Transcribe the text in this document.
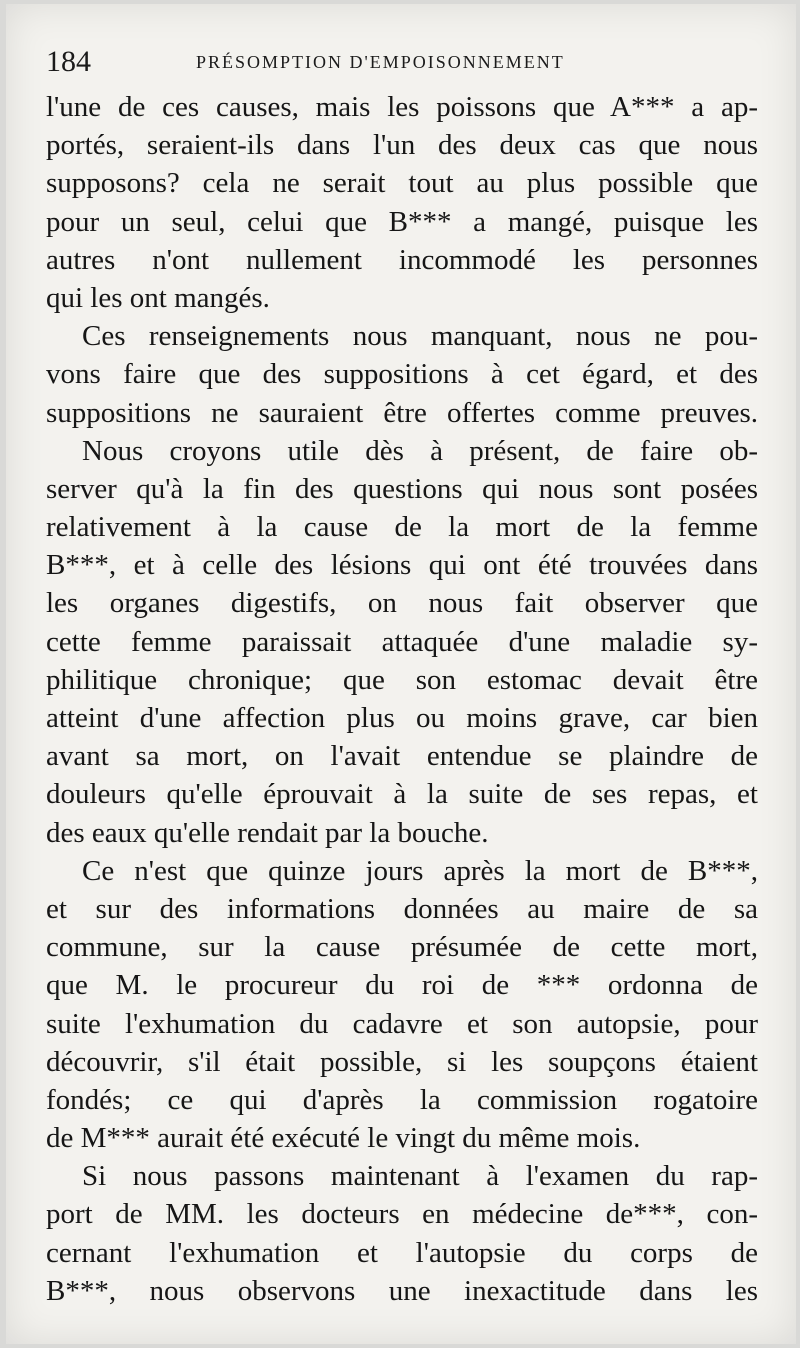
184	PRÉSOMPTION D'EMPOISONNEMENT
l'une de ces causes, mais les poissons que A*** a ap-
portés, seraient-ils dans l'un des deux cas que nous
supposons? cela ne serait tout au plus possible que
pour un seul, celui que B*** a mangé, puisque les
autres n'ont nullement incommodé les personnes
qui les ont mangés.
Ces renseignements nous manquant, nous ne pou-
vons faire que des suppositions à cet égard, et des
suppositions ne sauraient être offertes comme preuves.
Nous croyons utile dès à présent, de faire ob-
server qu'à la fin des questions qui nous sont posées
relativement à la cause de la mort de la femme
B***, et à celle des lésions qui ont été trouvées dans
les organes digestifs, on nous fait observer que
cette femme paraissait attaquée d'une maladie sy-
philitique chronique; que son estomac devait être
atteint d'une affection plus ou moins grave, car bien
avant sa mort, on l'avait entendue se plaindre de
douleurs qu'elle éprouvait à la suite de ses repas, et
des eaux qu'elle rendait par la bouche.
Ce n'est que quinze jours après la mort de B***,
et sur des informations données au maire de sa
commune, sur la cause présumée de cette mort,
que M. le procureur du roi de *** ordonna de
suite l'exhumation du cadavre et son autopsie, pour
découvrir, s'il était possible, si les soupçons étaient
fondés; ce qui d'après la commission rogatoire
de M*** aurait été exécuté le vingt du même mois.
Si nous passons maintenant à l'examen du rap-
port de MM. les docteurs en médecine de***, con-
cernant l'exhumation et l'autopsie du corps de
B***, nous observons une inexactitude dans les
